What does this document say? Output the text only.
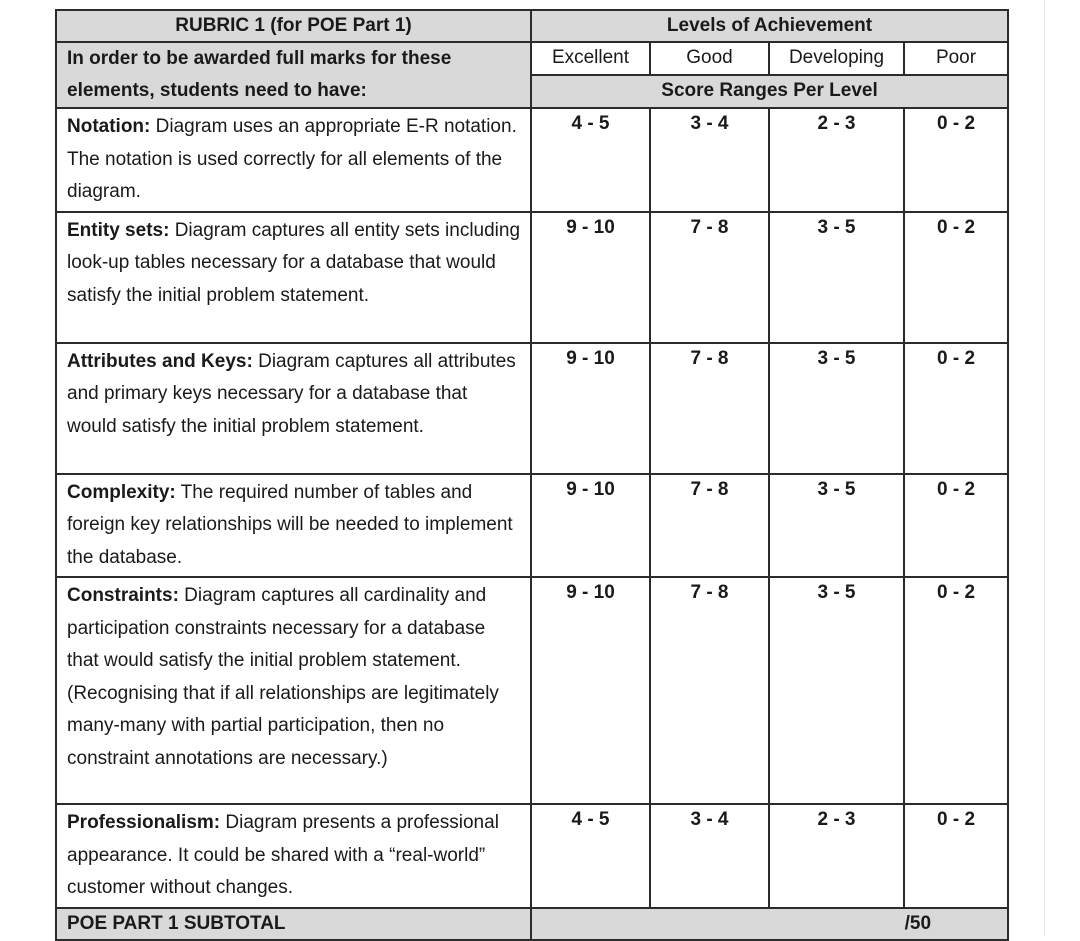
RUBRIC 1 (for POE Part 1)	Levels of Achievement			
In order to be awarded full marks for these elements, students need to have:	Excellent	Good	Developing	Poor
	Score Ranges Per Level			
Notation: Diagram uses an appropriate E-R notation. The notation is used correctly for all elements of the diagram.	4 - 5	3 - 4	2 - 3	0 - 2
Entity sets: Diagram captures all entity sets including look-up tables necessary for a database that would satisfy the initial problem statement.	9 - 10	7 - 8	3 - 5	0 - 2
Attributes and Keys: Diagram captures all attributes and primary keys necessary for a database that would satisfy the initial problem statement.	9 - 10	7 - 8	3 - 5	0 - 2
Complexity: The required number of tables and foreign key relationships will be needed to implement the database.	9 - 10	7 - 8	3 - 5	0 - 2
Constraints: Diagram captures all cardinality and participation constraints necessary for a database that would satisfy the initial problem statement. (Recognising that if all relationships are legitimately many-many with partial participation, then no constraint annotations are necessary.)	9 - 10	7 - 8	3 - 5	0 - 2
Professionalism: Diagram presents a professional appearance. It could be shared with a “real-world” customer without changes.	4 - 5	3 - 4	2 - 3	0 - 2
POE PART 1 SUBTOTAL	/50			
